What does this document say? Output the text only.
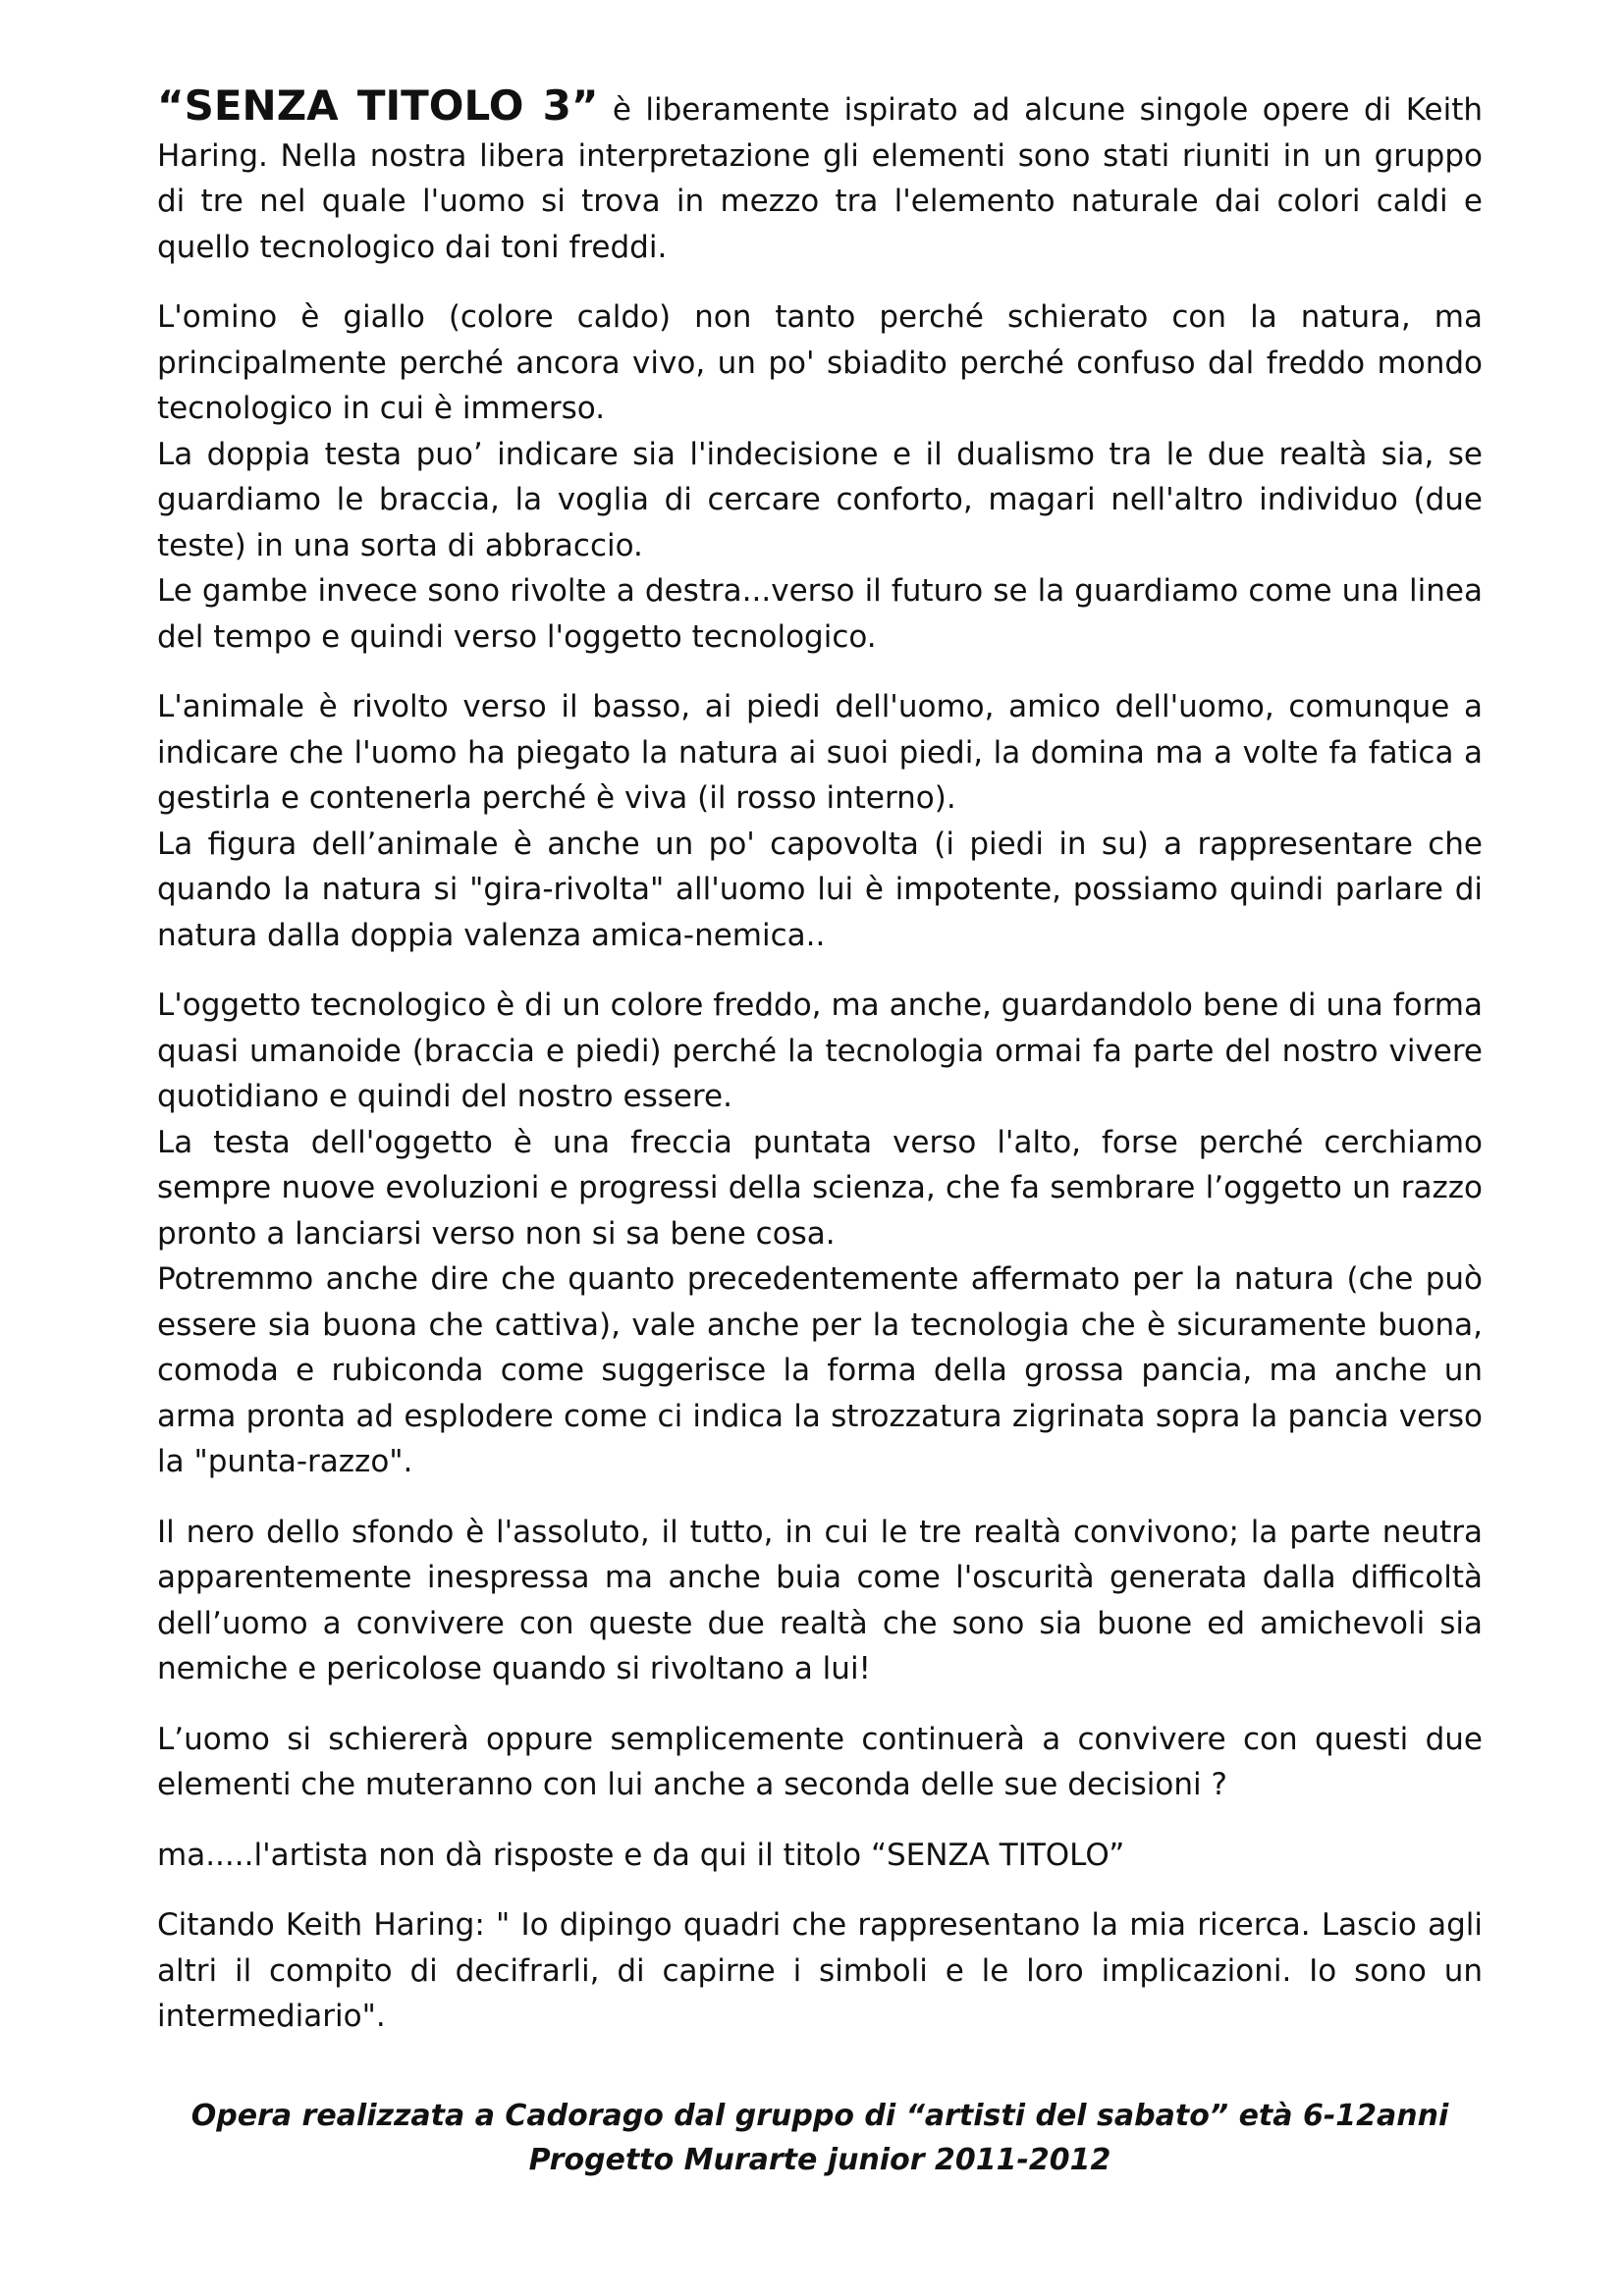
“SENZA TITOLO 3” è liberamente ispirato ad alcune singole opere di Keith Haring. Nella nostra libera interpretazione gli elementi sono stati riuniti in un gruppo di tre nel quale l'uomo si trova in mezzo tra l'elemento naturale dai colori caldi e quello tecnologico dai toni freddi.

L'omino è giallo (colore caldo) non tanto perché schierato con la natura, ma principalmente perché ancora vivo, un po' sbiadito perché confuso dal freddo mondo tecnologico in cui è immerso.

La doppia testa puo’ indicare sia l'indecisione e il dualismo tra le due realtà sia, se guardiamo le braccia, la voglia di cercare conforto, magari nell'altro individuo (due teste) in una sorta di abbraccio.

Le gambe invece sono rivolte a destra...verso il futuro se la guardiamo come una linea del tempo e quindi verso l'oggetto tecnologico.

L'animale è rivolto verso il basso, ai piedi dell'uomo, amico dell'uomo, comunque a indicare che l'uomo ha piegato la natura ai suoi piedi, la domina ma a volte fa fatica a gestirla e contenerla perché è viva (il rosso interno).

La figura dell’animale è anche un po' capovolta (i piedi in su) a rappresentare che quando la natura si "gira-rivolta" all'uomo lui è impotente, possiamo quindi parlare di natura dalla doppia valenza amica-nemica..

L'oggetto tecnologico è di un colore freddo, ma anche, guardandolo bene di una forma quasi umanoide (braccia e piedi) perché la tecnologia ormai fa parte del nostro vivere quotidiano e quindi del nostro essere.

La testa dell'oggetto è una freccia puntata verso l'alto, forse perché cerchiamo sempre nuove evoluzioni e progressi della scienza, che fa sembrare l’oggetto un razzo pronto a lanciarsi verso non si sa bene cosa.

Potremmo anche dire che quanto precedentemente affermato per la natura (che può essere sia buona che cattiva), vale anche per la tecnologia che è sicuramente buona, comoda e rubiconda come suggerisce la forma della grossa pancia, ma anche un arma pronta ad esplodere come ci indica la strozzatura zigrinata sopra la pancia verso la "punta-razzo".

Il nero dello sfondo è l'assoluto, il tutto, in cui le tre realtà convivono; la parte neutra apparentemente inespressa ma anche buia come l'oscurità generata dalla difficoltà dell’uomo a convivere con queste due realtà che sono sia buone ed amichevoli sia nemiche e pericolose quando si rivoltano a lui!

L’uomo si schiererà oppure semplicemente continuerà a convivere con questi due elementi che muteranno con lui anche a seconda delle sue decisioni ?

ma.....l'artista non dà risposte e da qui il titolo “SENZA TITOLO”

Citando Keith Haring: " Io dipingo quadri che rappresentano la mia ricerca. Lascio agli altri il compito di decifrarli, di capirne i simboli e le loro implicazioni. Io sono un intermediario".

Opera realizzata a Cadorago dal gruppo di “artisti del sabato” età 6-12anni
Progetto Murarte junior 2011-2012
